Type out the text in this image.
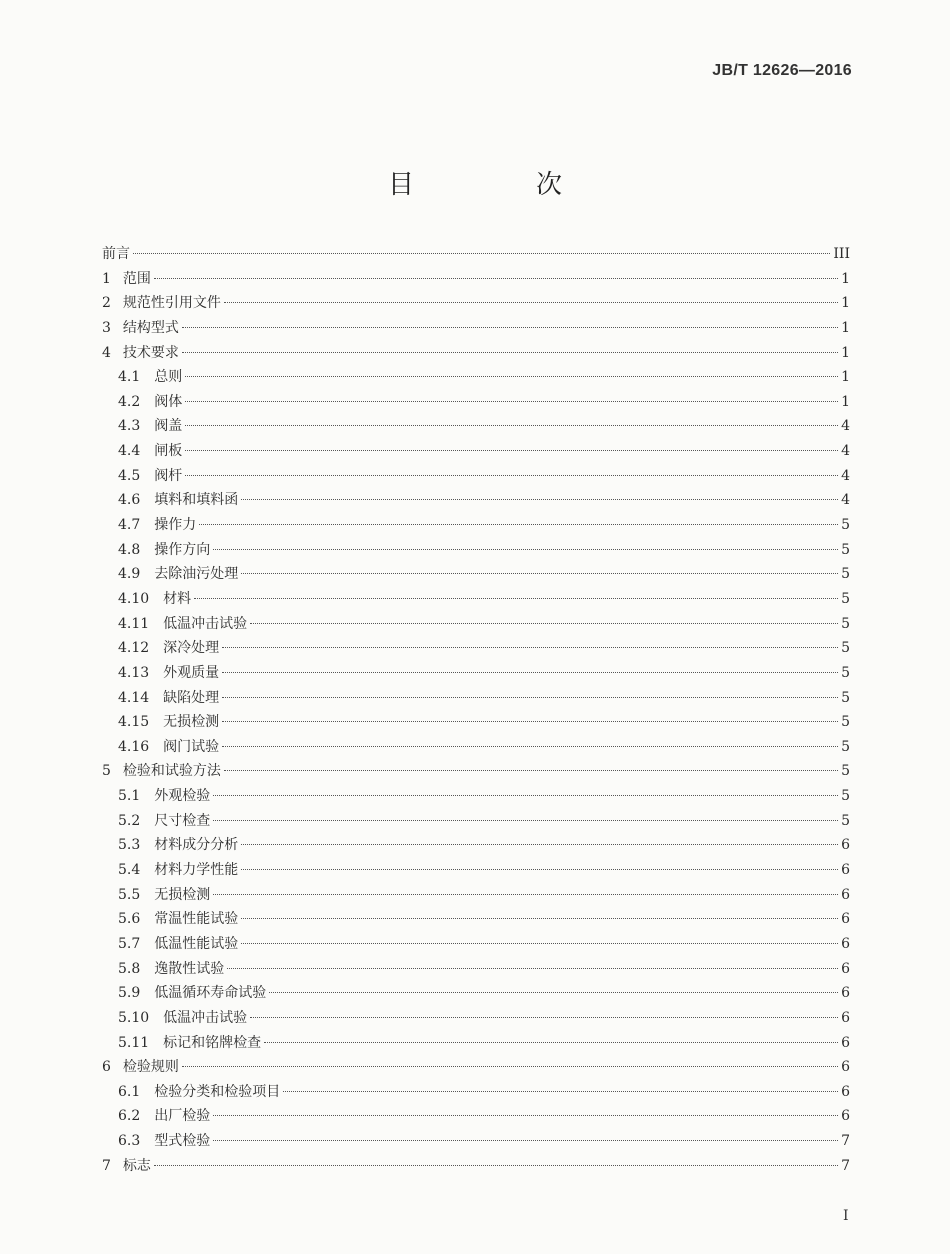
JB/T 12626—2016
目　次
前言	III
1 范围	1
2 规范性引用文件	1
3 结构型式	1
4 技术要求	1
4.1 总则	1
4.2 阀体	1
4.3 阀盖	4
4.4 闸板	4
4.5 阀杆	4
4.6 填料和填料函	4
4.7 操作力	5
4.8 操作方向	5
4.9 去除油污处理	5
4.10 材料	5
4.11 低温冲击试验	5
4.12 深冷处理	5
4.13 外观质量	5
4.14 缺陷处理	5
4.15 无损检测	5
4.16 阀门试验	5
5 检验和试验方法	5
5.1 外观检验	5
5.2 尺寸检查	5
5.3 材料成分分析	6
5.4 材料力学性能	6
5.5 无损检测	6
5.6 常温性能试验	6
5.7 低温性能试验	6
5.8 逸散性试验	6
5.9 低温循环寿命试验	6
5.10 低温冲击试验	6
5.11 标记和铭牌检查	6
6 检验规则	6
6.1 检验分类和检验项目	6
6.2 出厂检验	6
6.3 型式检验	7
7 标志	7
I
